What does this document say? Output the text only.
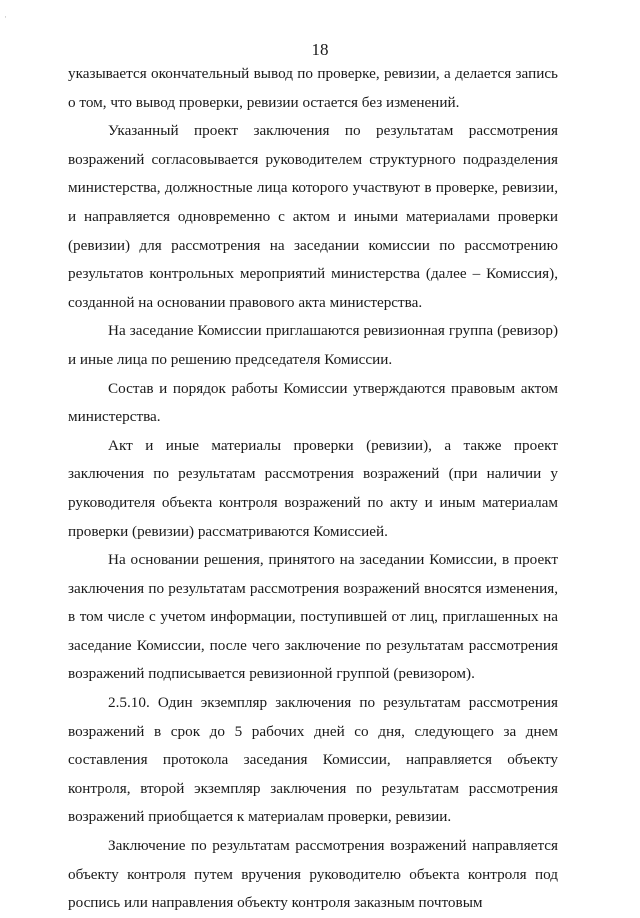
·
18

указывается окончательный вывод по проверке, ревизии, а делается запись о том, что вывод проверки, ревизии остается без изменений.

Указанный проект заключения по результатам рассмотрения возражений согласовывается руководителем структурного подразделения министерства, должностные лица которого участвуют в проверке, ревизии, и направляется одновременно с актом и иными материалами проверки (ревизии) для рассмотрения на заседании комиссии по рассмотрению результатов контрольных мероприятий министерства (далее – Комиссия), созданной на основании правового акта министерства.

На заседание Комиссии приглашаются ревизионная группа (ревизор) и иные лица по решению председателя Комиссии.

Состав и порядок работы Комиссии утверждаются правовым актом министерства.

Акт и иные материалы проверки (ревизии), а также проект заключения по результатам рассмотрения возражений (при наличии у руководителя объекта контроля возражений по акту и иным материалам проверки (ревизии) рассматриваются Комиссией.

На основании решения, принятого на заседании Комиссии, в проект заключения по результатам рассмотрения возражений вносятся изменения, в том числе с учетом информации, поступившей от лиц, приглашенных на заседание Комиссии, после чего заключение по результатам рассмотрения возражений подписывается ревизионной группой (ревизором).

2.5.10. Один экземпляр заключения по результатам рассмотрения возражений в срок до 5 рабочих дней со дня, следующего за днем составления протокола заседания Комиссии, направляется объекту контроля, второй экземпляр заключения по результатам рассмотрения возражений приобщается к материалам проверки, ревизии.

Заключение по результатам рассмотрения возражений направляется объекту контроля путем вручения руководителю объекта контроля под роспись или направления объекту контроля заказным почтовым
